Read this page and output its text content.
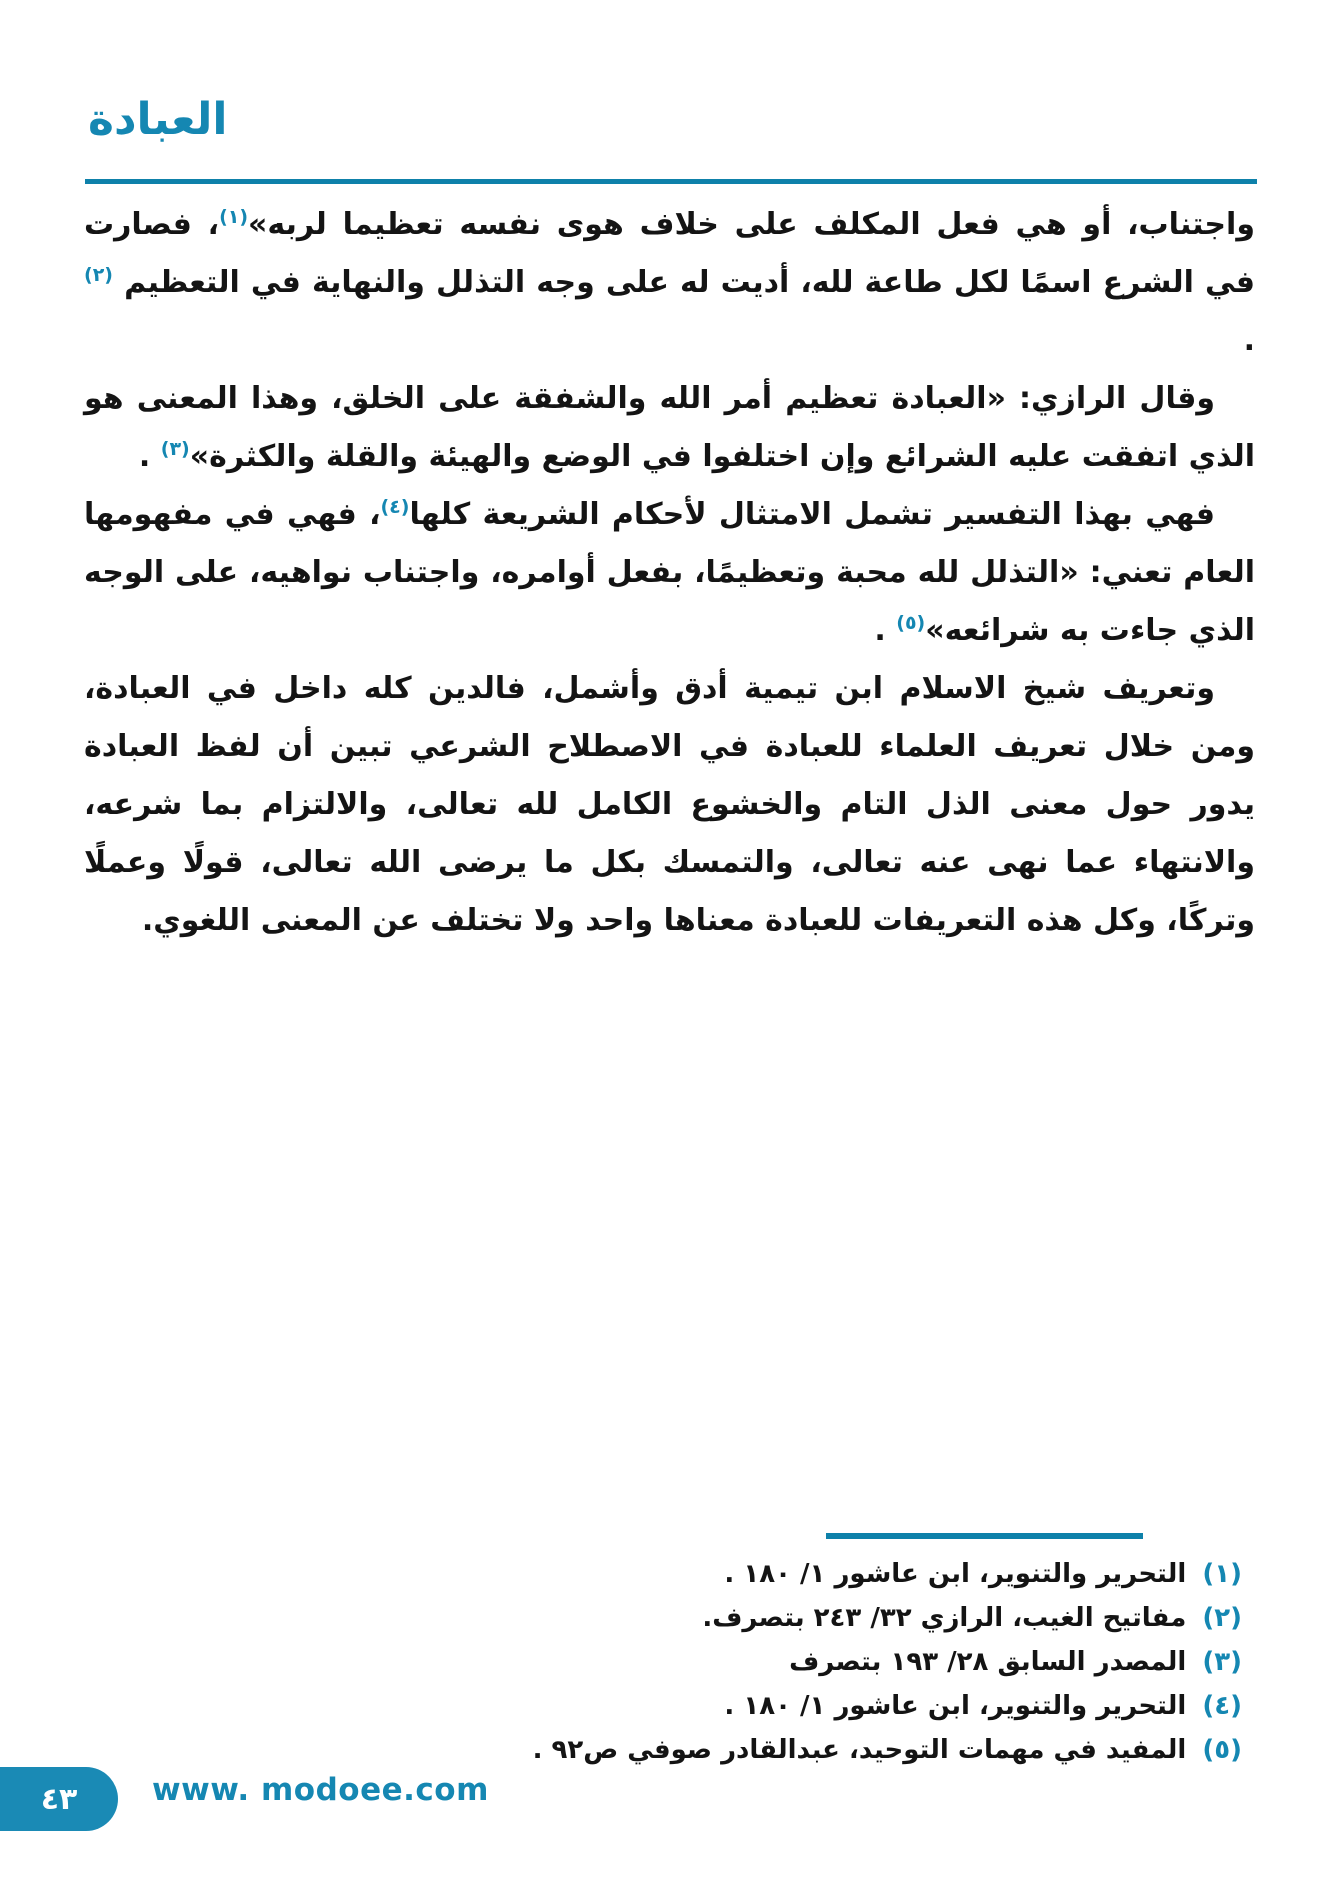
العبادة

واجتناب، أو هي فعل المكلف على خلاف هوى نفسه تعظيما لربه»$^{(١)}$، فصارت في الشرع اسمًا لكل طاعة لله، أديت له على وجه التذلل والنهاية في التعظيم $^{(٢)}$ .

وقال الرازي: «العبادة تعظيم أمر الله والشفقة على الخلق، وهذا المعنى هو الذي اتفقت عليه الشرائع وإن اختلفوا في الوضع والهيئة والقلة والكثرة»$^{(٣)}$ .

فهي بهذا التفسير تشمل الامتثال لأحكام الشريعة كلها$^{(٤)}$، فهي في مفهومها العام تعني: «التذلل لله محبة وتعظيمًا، بفعل أوامره، واجتناب نواهيه، على الوجه الذي جاءت به شرائعه»$^{(٥)}$ .

وتعريف شيخ الاسلام ابن تيمية أدق وأشمل، فالدين كله داخل في العبادة، ومن خلال تعريف العلماء للعبادة في الاصطلاح الشرعي تبين أن لفظ العبادة يدور حول معنى الذل التام والخشوع الكامل لله تعالى، والالتزام بما شرعه، والانتهاء عما نهى عنه تعالى، والتمسك بكل ما يرضى الله تعالى، قولًا وعملًا وتركًا، وكل هذه التعريفات للعبادة معناها واحد ولا تختلف عن المعنى اللغوي.

(١)التحرير والتنوير، ابن عاشور ١/ ١٨٠ .
(٢)مفاتيح الغيب، الرازي ٣٢/ ٢٤٣ بتصرف.
(٣)المصدر السابق ٢٨/ ١٩٣ بتصرف
(٤)التحرير والتنوير، ابن عاشور ١/ ١٨٠ .
(٥)المفيد في مهمات التوحيد، عبدالقادر صوفي ص٩٢ .
٤٣ www. modoee.com
